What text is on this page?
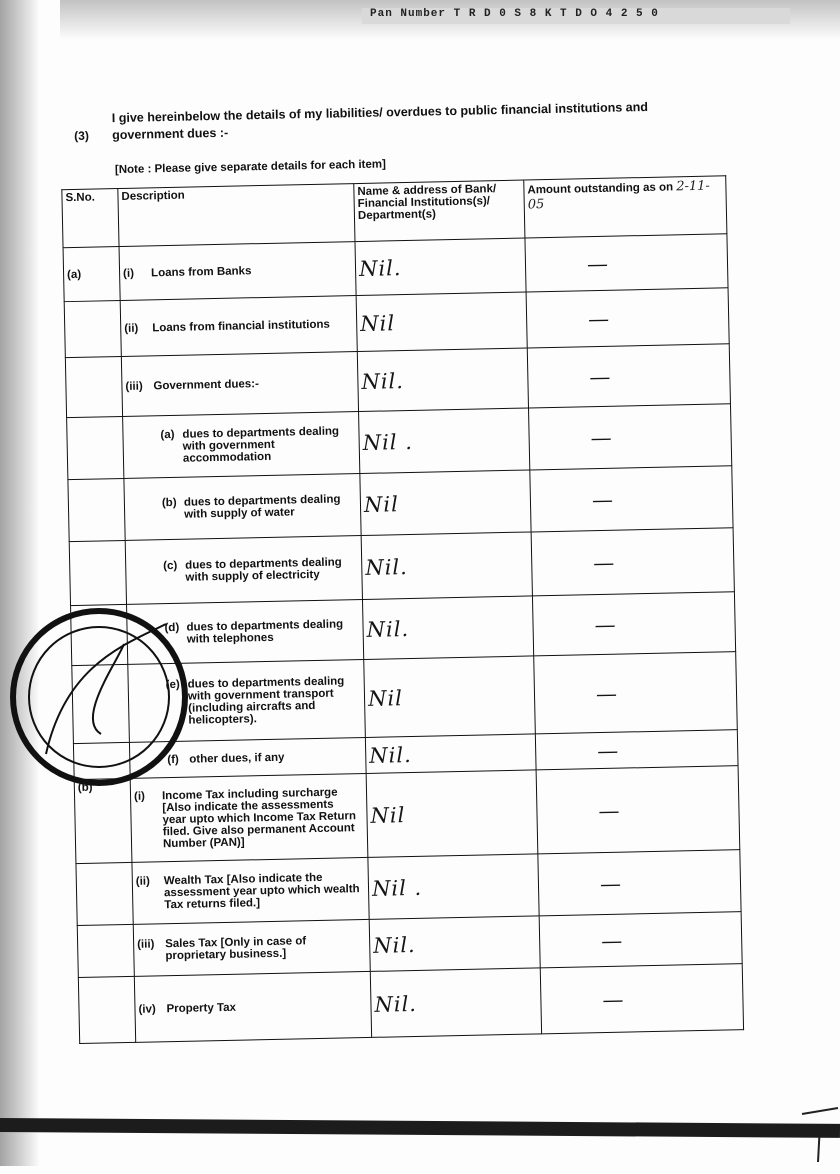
Pan Number T R D 0 S 8 K T D O 4 2 5 0
(3)
I give hereinbelow the details of my liabilities/ overdues to public financial institutions and government dues :-
[Note : Please give separate details for each item]
S.No.	Description	Name & address of Bank/ Financial Institutions(s)/ Department(s)	Amount outstanding as on 2-11-05
(a)	(i) Loans from Banks	Nil.	—
	(ii) Loans from financial institutions	Nil	—
	(iii) Government dues:-	Nil.	—
	(a) dues to departments dealing with government accommodation	Nil .	—
	(b) dues to departments dealing with supply of water	Nil	—
	(c) dues to departments dealing with supply of electricity	Nil.	—
	(d) dues to departments dealing with telephones	Nil.	—
	(e) dues to departments dealing with government transport (including aircrafts and helicopters).	Nil	—
	(f) other dues, if any	Nil.	—
(b)	(i) Income Tax including surcharge [Also indicate the assessments year upto which Income Tax Return filed. Give also permanent Account Number (PAN)]	Nil	—
	(ii) Wealth Tax [Also indicate the assessment year upto which wealth Tax returns filed.]	Nil .	—
	(iii) Sales Tax [Only in case of proprietary business.]	Nil.	—
	(iv) Property Tax	Nil.	—
